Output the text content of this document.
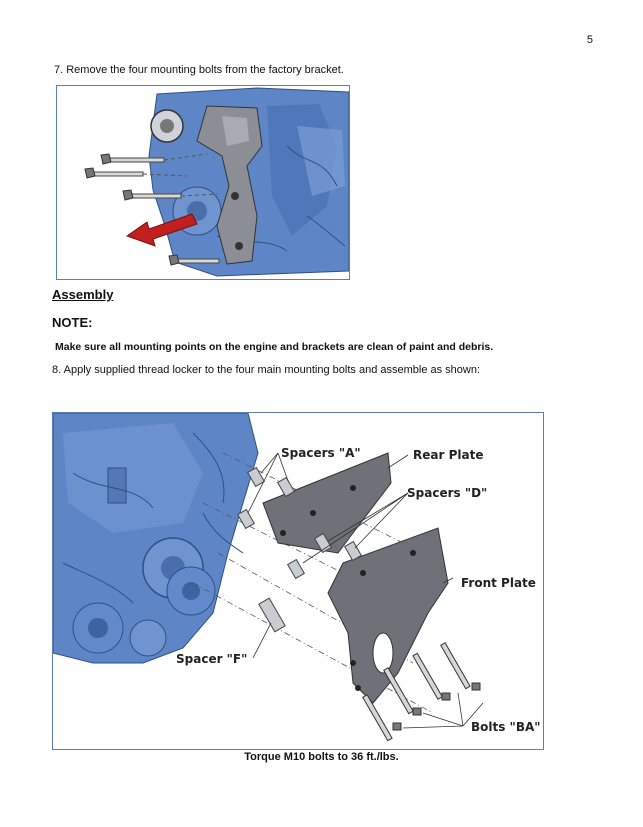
5
7. Remove the four mounting bolts from the factory bracket.
Assembly
NOTE:
Make sure all mounting points on the engine and brackets are clean of paint and debris.
8. Apply supplied thread locker to the four main mounting bolts and assemble as shown:
Spacers "A"	Rear Plate
Spacers "D"
Front Plate
Spacer "F"
Bolts "BA"
Torque M10 bolts to 36 ft./lbs.
